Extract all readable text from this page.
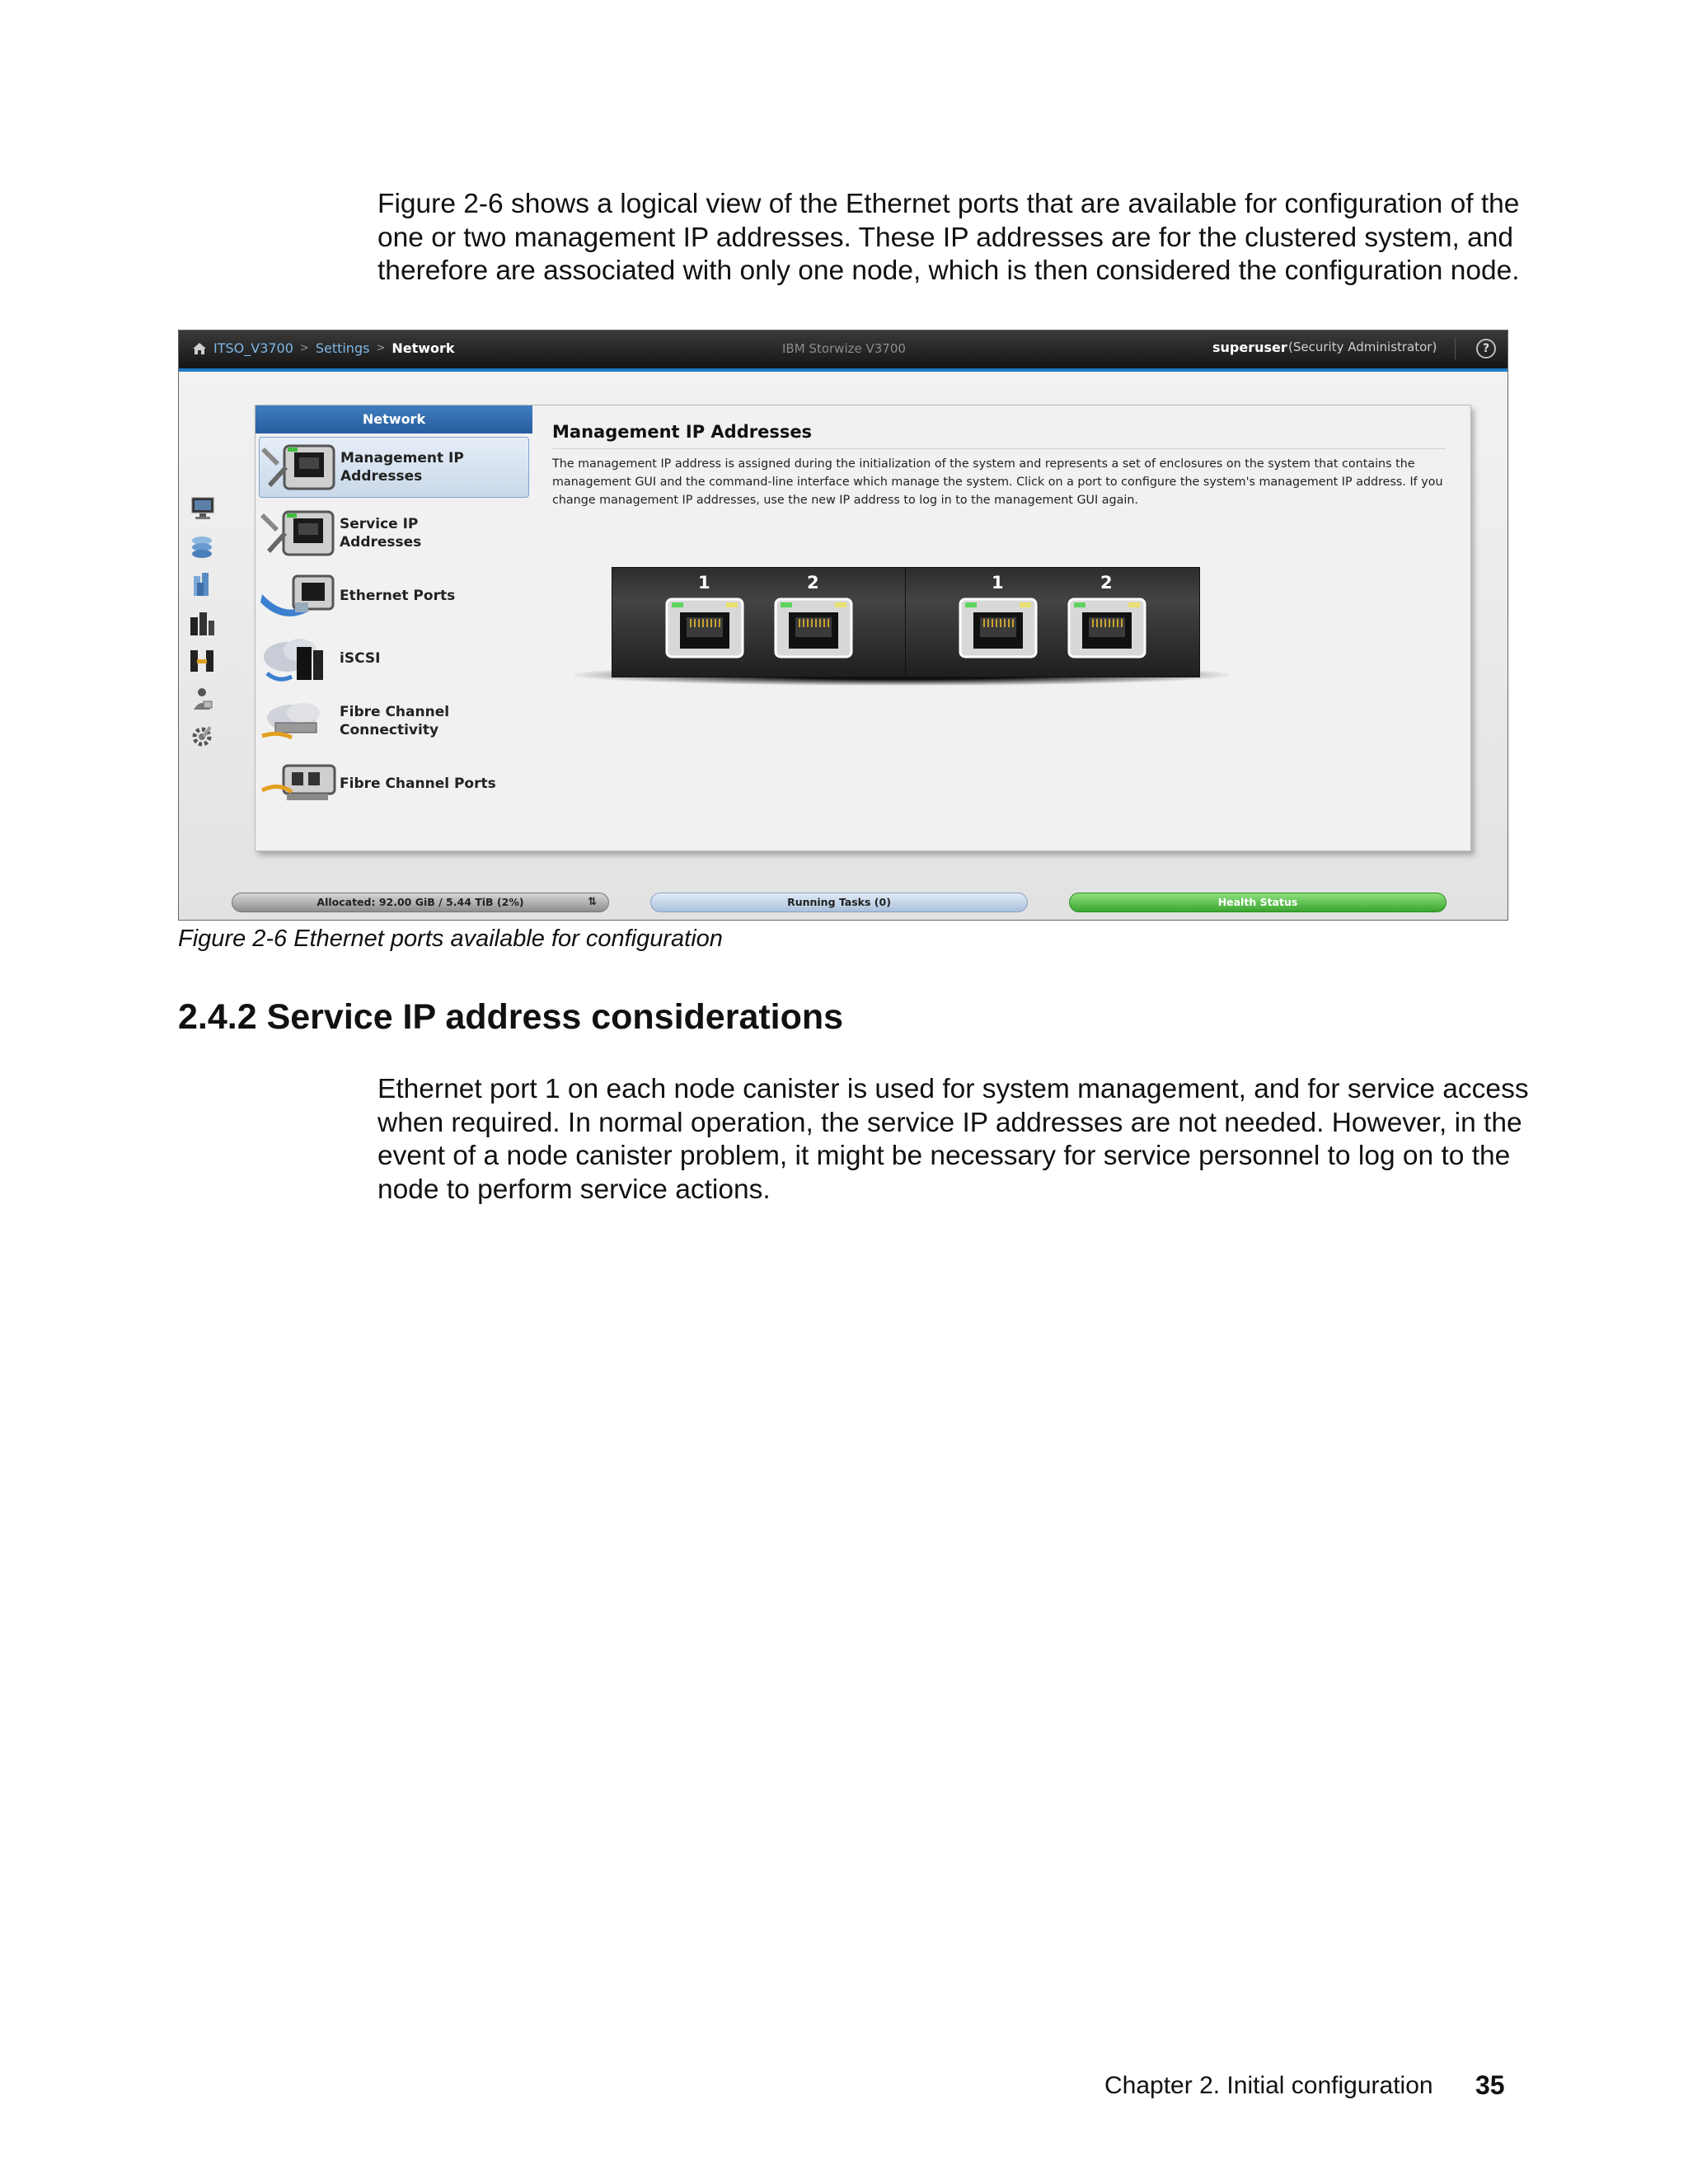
Figure 2-6 shows a logical view of the Ethernet ports that are available for configuration of the one or two management IP addresses. These IP addresses are for the clustered system, and therefore are associated with only one node, which is then considered the configuration node.
ITSO_V3700 > Settings > Network	IBM Storwize V3700	superuser (Security Administrator)	?
Network
Management IP Addresses
Service IP Addresses
Ethernet Ports
iSCSI
Fibre Channel Connectivity
Fibre Channel Ports
Management IP Addresses
The management IP address is assigned during the initialization of the system and represents a set of enclosures on the system that contains the management GUI and the command-line interface which manage the system. Click on a port to configure the system's management IP address. If you change management IP addresses, use the new IP address to log in to the management GUI again.
1	2	1	2
Allocated: 92.00 GiB / 5.44 TiB (2%)	⇅	Running Tasks (0)	Health Status
Figure 2-6 Ethernet ports available for configuration
2.4.2 Service IP address considerations
Ethernet port 1 on each node canister is used for system management, and for service access when required. In normal operation, the service IP addresses are not needed. However, in the event of a node canister problem, it might be necessary for service personnel to log on to the node to perform service actions.
Chapter 2. Initial configuration 35
